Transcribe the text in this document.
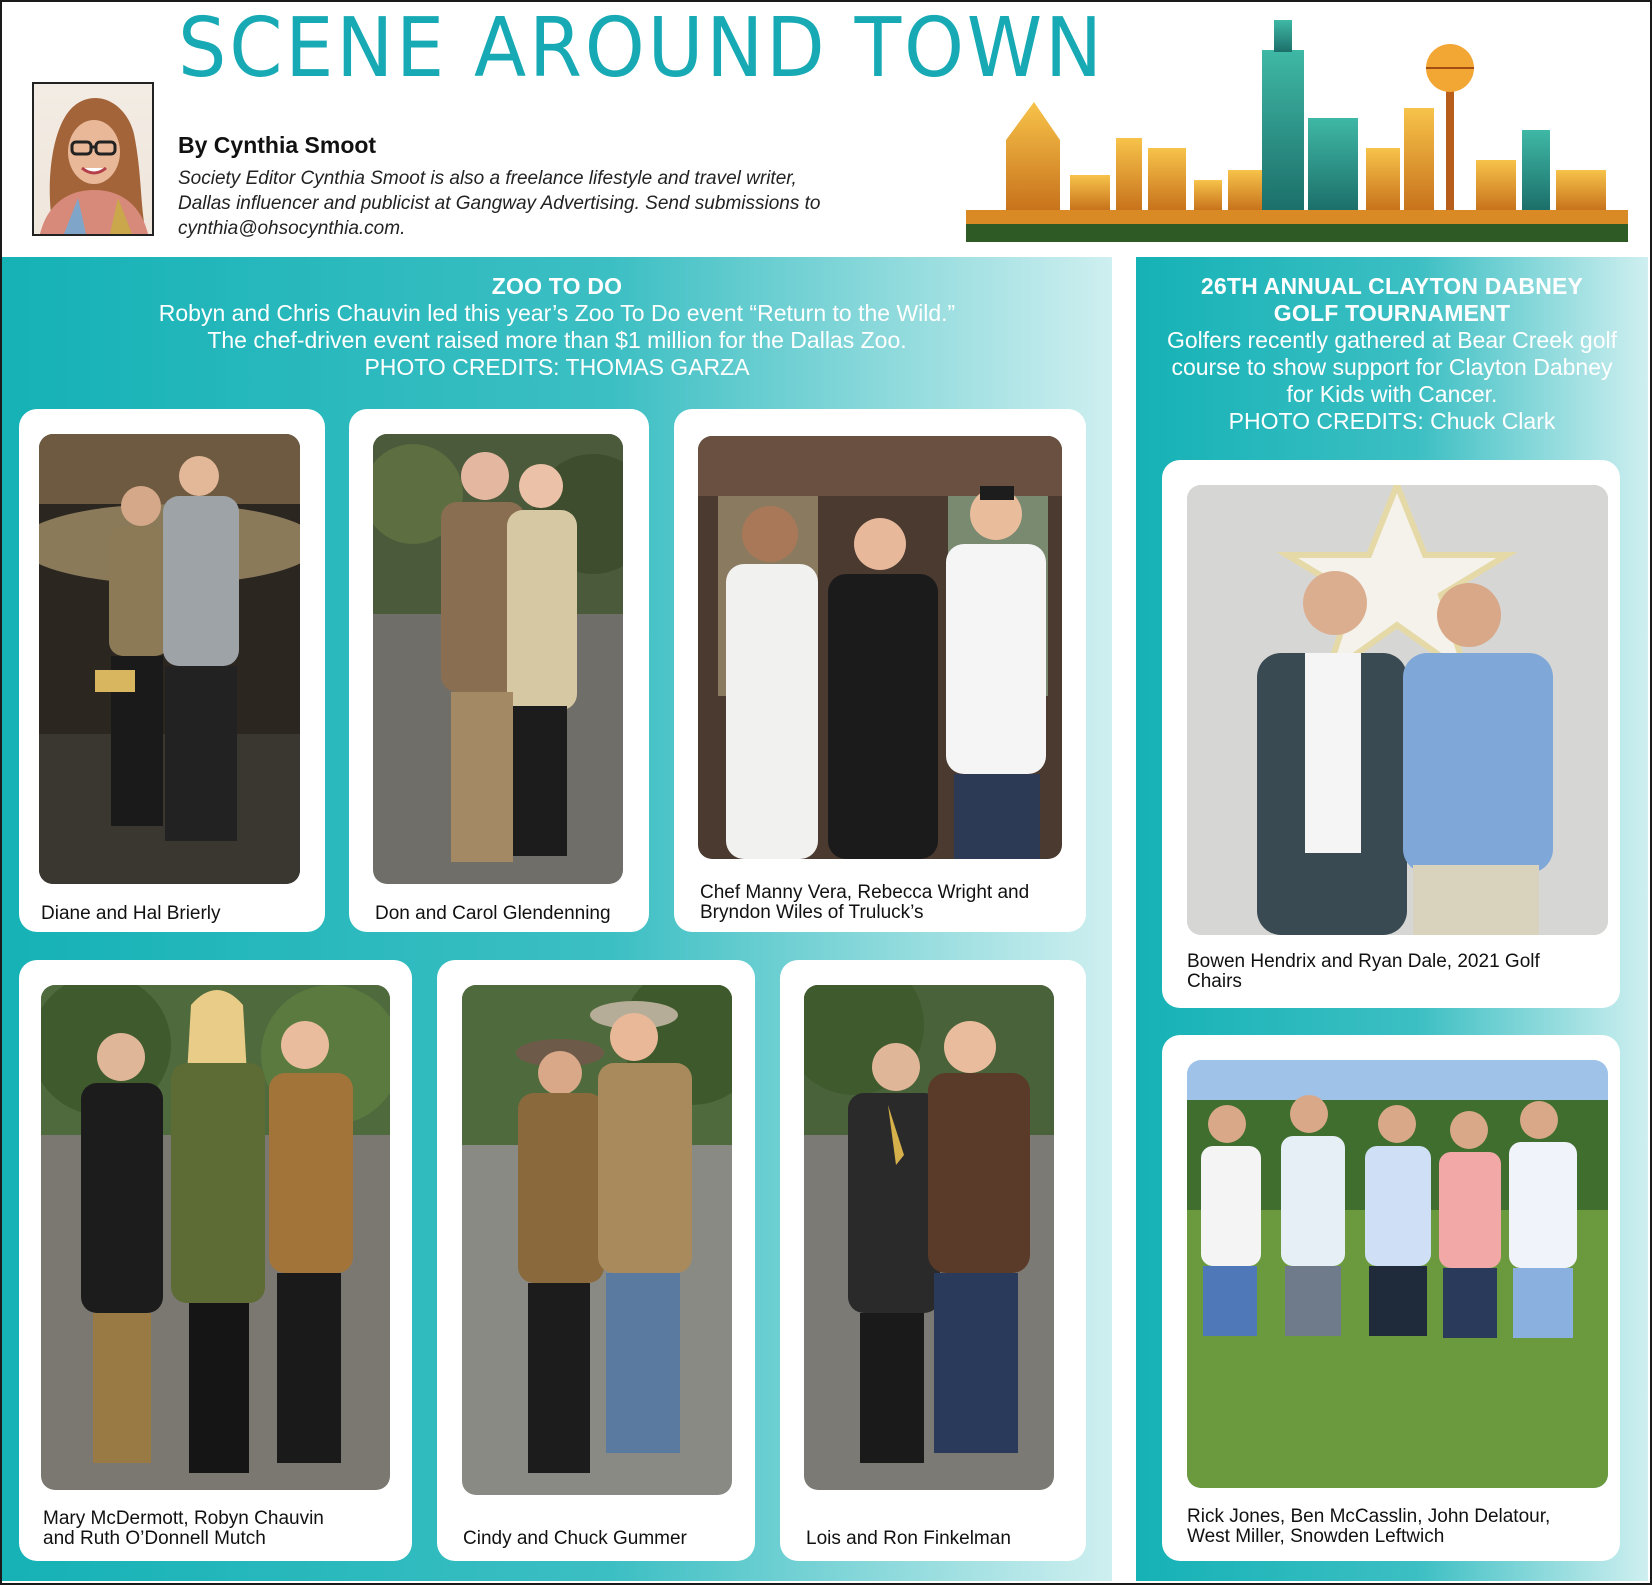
SCENE AROUND TOWN
By Cynthia Smoot
Society Editor Cynthia Smoot is also a freelance lifestyle and travel writer, Dallas influencer and publicist at Gangway Advertising. Send submissions to cynthia@ohsocynthia.com.
ZOO TO DO
Robyn and Chris Chauvin led this year’s Zoo To Do event “Return to the Wild.”
The chef-driven event raised more than $1 million for the Dallas Zoo.
PHOTO CREDITS: THOMAS GARZA
26TH ANNUAL CLAYTON DABNEY
GOLF TOURNAMENT
Golfers recently gathered at Bear Creek golf
course to show support for Clayton Dabney
for Kids with Cancer.
PHOTO CREDITS: Chuck Clark
Diane and Hal Brierly	Don and Carol Glendenning
Chef Manny Vera, Rebecca Wright and
Bryndon Wiles of Truluck’s
Mary McDermott, Robyn Chauvin
and Ruth O’Donnell Mutch	Cindy and Chuck Gummer	Lois and Ron Finkelman
Bowen Hendrix and Ryan Dale, 2021 Golf
Chairs
Rick Jones, Ben McCasslin, John Delatour,
West Miller, Snowden Leftwich
